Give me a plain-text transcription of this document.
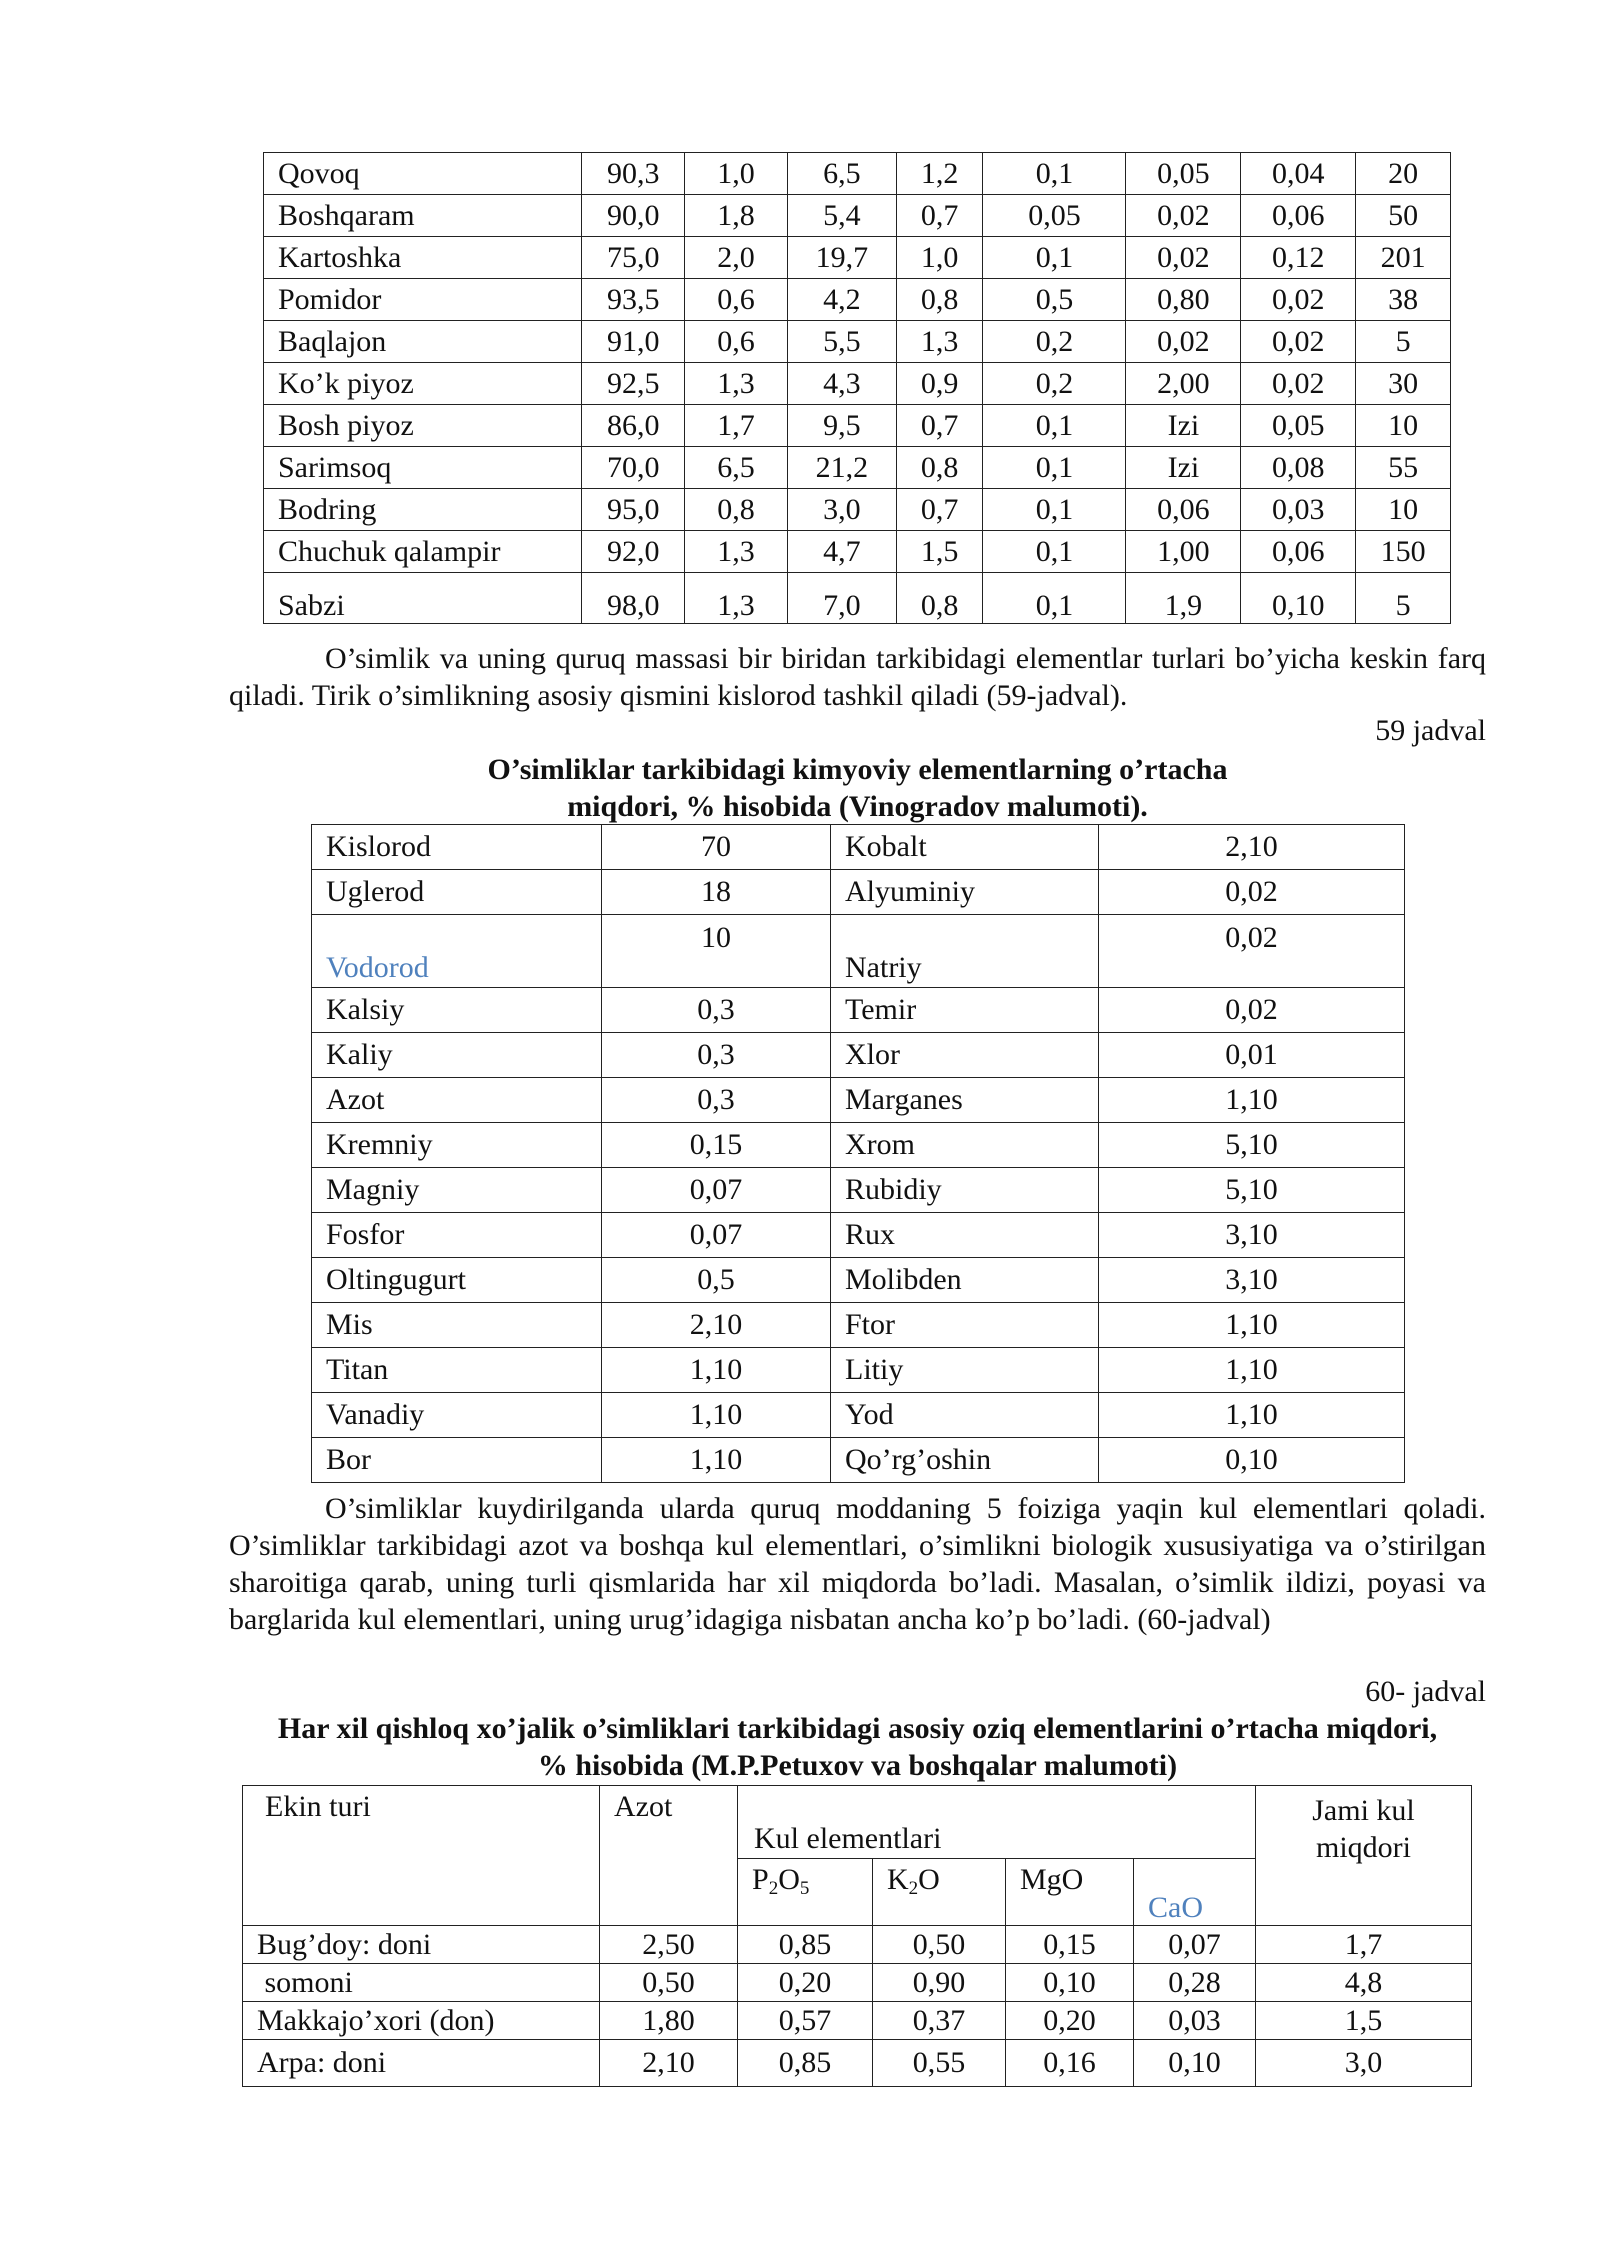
Qovoq	90,3	1,0	6,5	1,2	0,1	0,05	0,04	20
Boshqaram	90,0	1,8	5,4	0,7	0,05	0,02	0,06	50
Kartoshka	75,0	2,0	19,7	1,0	0,1	0,02	0,12	201
Pomidor	93,5	0,6	4,2	0,8	0,5	0,80	0,02	38
Baqlajon	91,0	0,6	5,5	1,3	0,2	0,02	0,02	5
Ko’k piyoz	92,5	1,3	4,3	0,9	0,2	2,00	0,02	30
Bosh piyoz	86,0	1,7	9,5	0,7	0,1	Izi	0,05	10
Sarimsoq	70,0	6,5	21,2	0,8	0,1	Izi	0,08	55
Bodring	95,0	0,8	3,0	0,7	0,1	0,06	0,03	10
Chuchuk qalampir	92,0	1,3	4,7	1,5	0,1	1,00	0,06	150
Sabzi	98,0	1,3	7,0	0,8	0,1	1,9	0,10	5

O’simlik va uning quruq massasi bir biridan tarkibidagi elementlar turlari bo’yicha keskin farq qiladi. Tirik o’simlikning asosiy qismini kislorod tashkil qiladi (59-jadval).

59 jadval

O’simliklar tarkibidagi kimyoviy elementlarning o’rtacha

miqdori, % hisobida (Vinogradov malumoti).

Kislorod	70	Kobalt	2,10
Uglerod	18	Alyuminiy	0,02
Vodorod	10	Natriy	0,02
Kalsiy	0,3	Temir	0,02
Kaliy	0,3	Xlor	0,01
Azot	0,3	Marganes	1,10
Kremniy	0,15	Xrom	5,10
Magniy	0,07	Rubidiy	5,10
Fosfor	0,07	Rux	3,10
Oltingugurt	0,5	Molibden	3,10
Mis	2,10	Ftor	1,10
Titan	1,10	Litiy	1,10
Vanadiy	1,10	Yod	1,10
Bor	1,10	Qo’rg’oshin	0,10

O’simliklar kuydirilganda ularda quruq moddaning 5 foiziga yaqin kul elementlari qoladi. O’simliklar tarkibidagi azot va boshqa kul elementlari, o’simlikni biologik xususiyatiga va o’stirilgan sharoitiga qarab, uning turli qismlarida har xil miqdorda bo’ladi. Masalan, o’simlik ildizi, poyasi va barglarida kul elementlari, uning urug’idagiga nisbatan ancha ko’p bo’ladi. (60-jadval)

60- jadval

Har xil qishloq xo’jalik o’simliklari tarkibidagi asosiy oziq elementlarini o’rtacha miqdori,

% hisobida (M.P.Petuxov va boshqalar malumoti)

Ekin turi	Azot	Kul elementlari				Jami kul
miqdori
		$P_2O_5$	$K_2O$	MgO	CaO	
Bug’doy: doni	2,50	0,85	0,50	0,15	0,07	1,7
somoni	0,50	0,20	0,90	0,10	0,28	4,8
Makkajo’xori (don)	1,80	0,57	0,37	0,20	0,03	1,5
Arpa: doni	2,10	0,85	0,55	0,16	0,10	3,0
